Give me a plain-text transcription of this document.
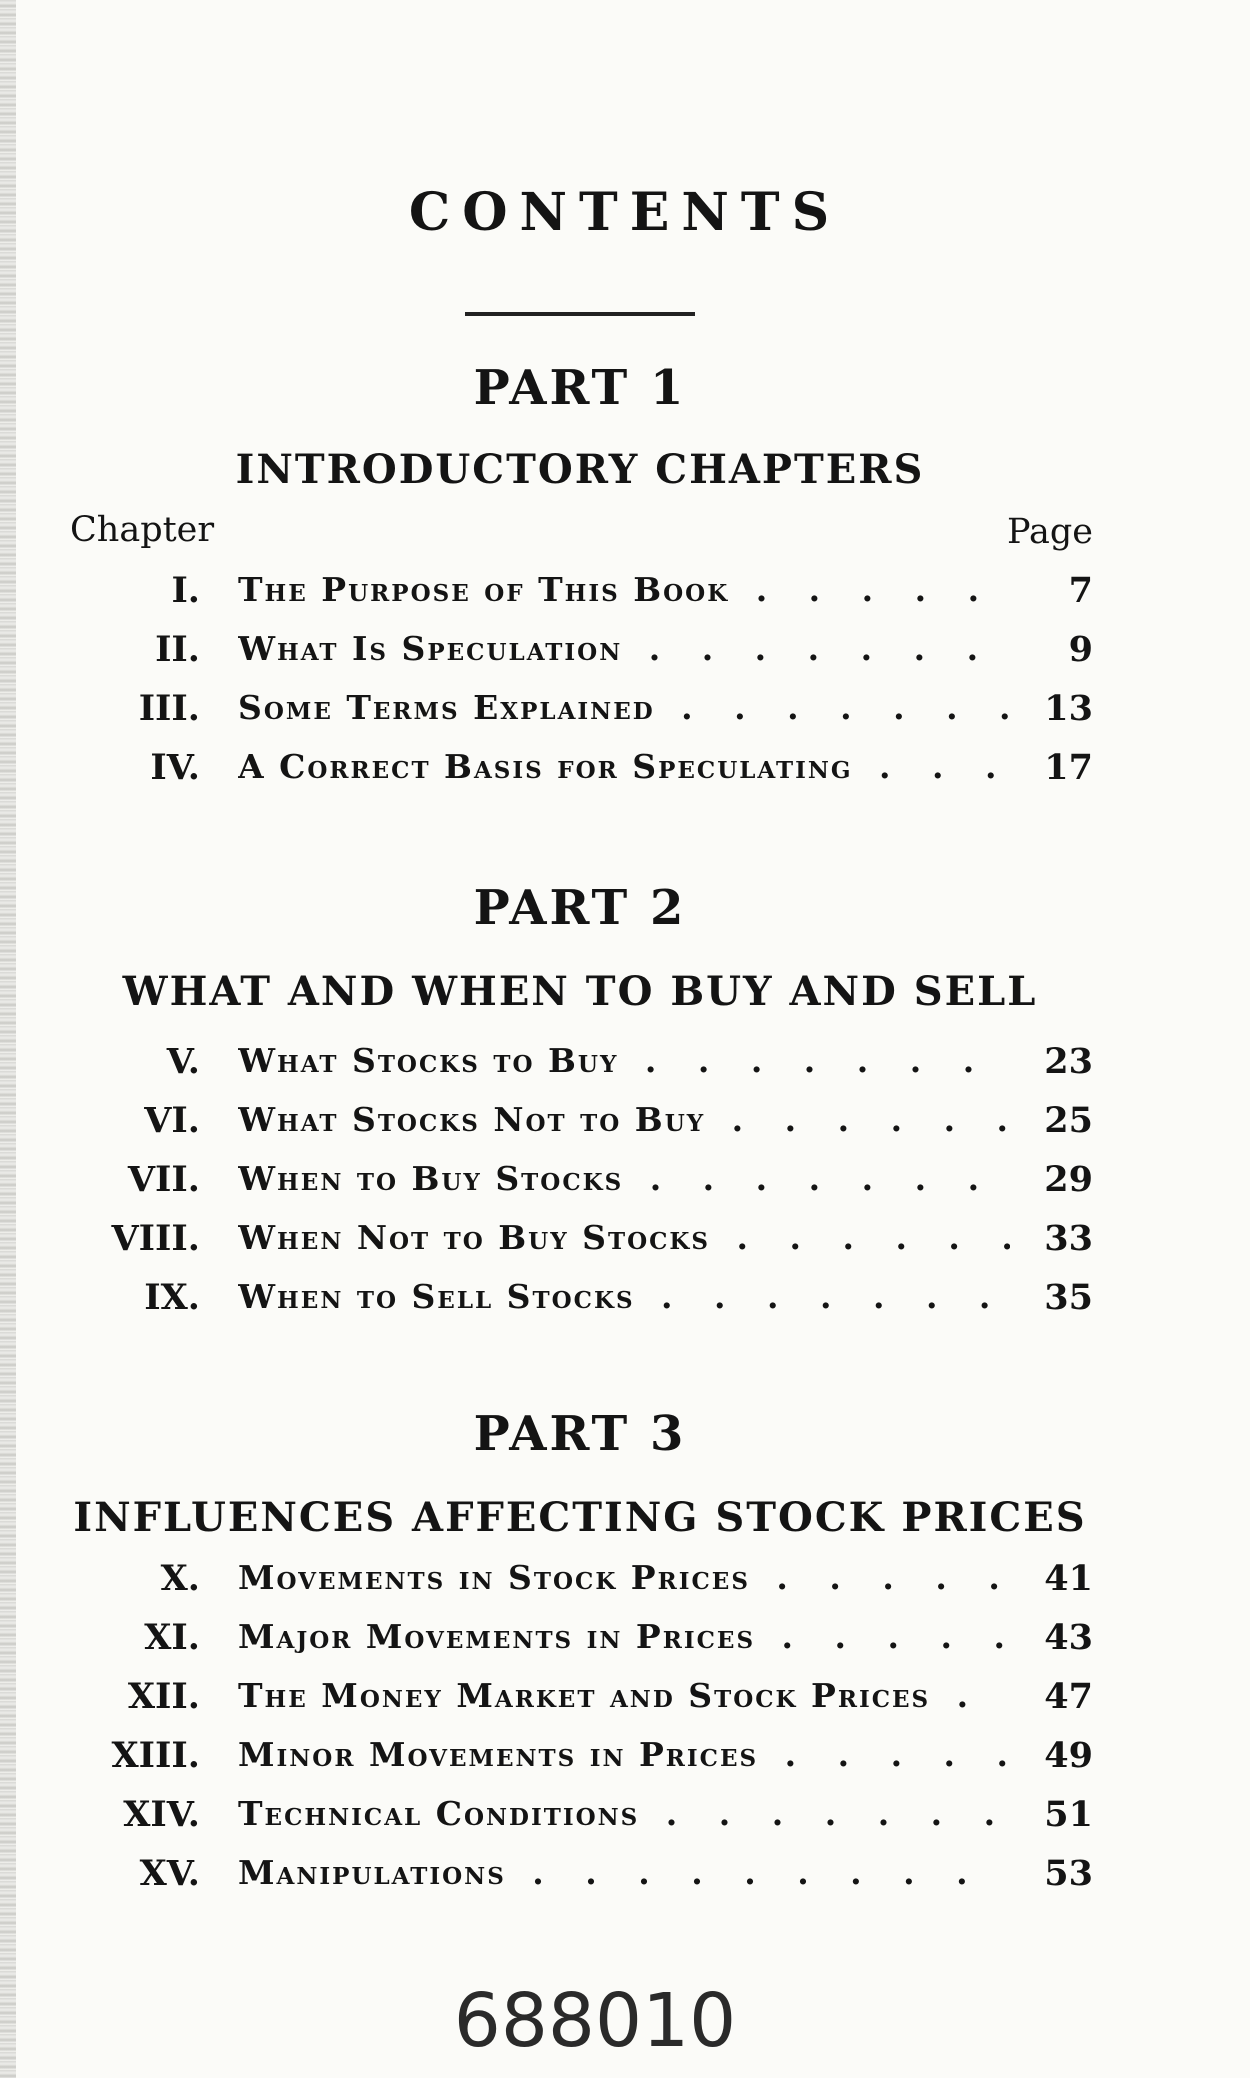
CONTENTS
PART 1
INTRODUCTORY CHAPTERS
Chapter	Page
I. The Purpose of This Book . . .	7
II. What Is Speculation . . .	9
III. Some Terms Explained . . .	13
IV. A Correct Basis for Speculating . . .	17
PART 2
WHAT AND WHEN TO BUY AND SELL
V. What Stocks to Buy . . .	23
VI. What Stocks Not to Buy . . .	25
VII. When to Buy Stocks . . .	29
VIII. When Not to Buy Stocks . . .	33
IX. When to Sell Stocks . . .	35
PART 3
INFLUENCES AFFECTING STOCK PRICES
X. Movements in Stock Prices . . .	41
XI. Major Movements in Prices . . .	43
XII. The Money Market and Stock Prices . . .	47
XIII. Minor Movements in Prices . . .	49
XIV. Technical Conditions . . .	51
XV. Manipulations . . .	53
688010
